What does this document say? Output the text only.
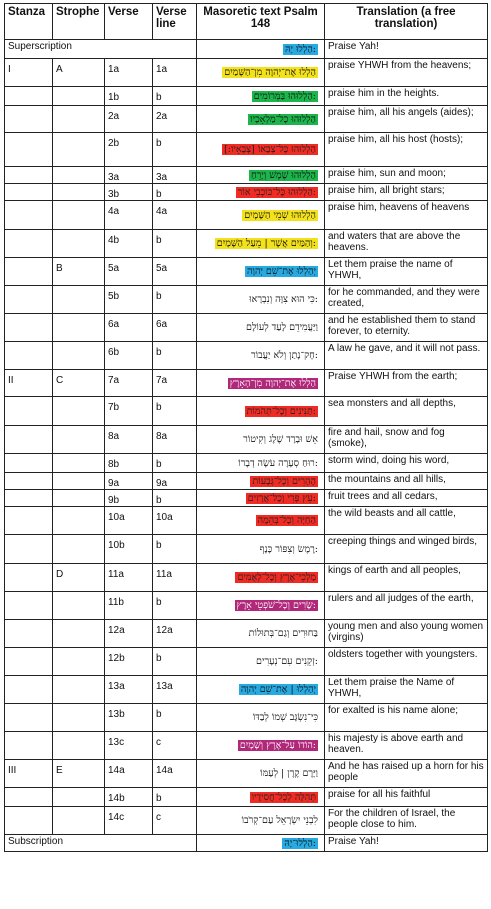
Stanza	Strophe	Verse	Verse line	Masoretic text Psalm 148	Translation (a free translation)
Superscription				:הַלְלוּ יָהּ	Praise Yah!
I	A	1a	1a	הַלְלוּ אֶת־יְהוָה מִן־הַשָּׁמַיִם	praise YHWH from the heavens;
		1b	b	:הַלְלוּהוּ בַּמְּרוֹמִים	praise him in the heights.
		2a	2a	הַלְלוּהוּ כָל־מַלְאָכָיו	praise him, all his angels (aides);
		2b	b	הַלְלוּהוּ כָּל־צְבָאוֹ [צְבָאָיו:]	praise him, all his host (hosts);
		3a	3a	הַלְלוּהוּ שֶׁמֶשׁ וְיָרֵחַ	praise him, sun and moon;
		3b	b	:הַלְלוּהוּ כָּל־כּוֹכְבֵי אוֹר	praise him, all bright stars;
		4a	4a	הַלְלוּהוּ שְׁמֵי הַשָּׁמָיִם	praise him, heavens of heavens
		4b	b	:וְהַמַּיִם אֲשֶׁר | מֵעַל הַשָּׁמָיִם	and waters that are above the heavens.
	B	5a	5a	יְהַלְלוּ אֶת־שֵׁם יְהוָה	Let them praise the name of YHWH,
		5b	b	:כִּי הוּא צִוָּה וְנִבְרָאוּ	for he commanded, and they were created,
		6a	6a	וַיַּעֲמִידֵם לָעַד לְעוֹלָם	and he established them to stand forever, to eternity.
		6b	b	:חָק־נָתַן וְלֹא יַעֲבוֹר	A law he gave, and it will not pass.
II	C	7a	7a	הַלְלוּ אֶת־יְהוָה מִן־הָאָרֶץ	Praise YHWH from the earth;
		7b	b	:תַּנִּינִים וְכָל־תְּהֹמוֹת	sea monsters and all depths,
		8a	8a	אֵשׁ וּבָרָד שֶׁלֶג וְקִיטוֹר	fire and hail, snow and fog (smoke),
		8b	b	:רוּחַ סְעָרָה עֹשָׂה דְבָרוֹ	storm wind, doing his word,
		9a	9a	הֶהָרִים וְכָל־גְּבָעוֹת	the mountains and all hills,
		9b	b	:עֵץ פְּרִי וְכָל־אֲרָזִים	fruit trees and all cedars,
		10a	10a	הַחַיָּה וְכָל־בְּהֵמָה	the wild beasts and all cattle,
		10b	b	:רֶמֶשׂ וְצִפּוֹר כָּנָף	creeping things and winged birds,
	D	11a	11a	מַלְכֵי־אֶרֶץ וְכָל־לְאֻמִּים	kings of earth and all peoples,
		11b	b	:שָׂרִים וְכָל־שֹׁפְטֵי אָרֶץ	rulers and all judges of the earth,
		12a	12a	בַּחוּרִים וְגַם־בְּתוּלוֹת	young men and also young women (virgins)
		12b	b	:זְקֵנִים עִם־נְעָרִים	oldsters together with youngsters.
		13a	13a	יְהַלְלוּ | אֶת־שֵׁם יְהוָה	Let them praise the Name of YHWH,
		13b	b	כִּי־נִשְׂגָּב שְׁמוֹ לְבַדּוֹ	for exalted is his name alone;
		13c	c	:הוֹדוֹ עַל־אֶרֶץ וְשָׁמָיִם	his majesty is above earth and heaven.
III	E	14a	14a	וַיָּרֶם קֶרֶן | לְעַמּוֹ	And he has raised up a horn for his people
		14b	b	תְּהִלָּה לְכָל־חֲסִידָיו	praise for all his faithful
		14c	c	לִבְנֵי יִשְׂרָאֵל עַם־קְרֹבוֹ	For the children of Israel, the people close to him.
Subscription				:הַלְלוּ־יָהּ	Praise Yah!
